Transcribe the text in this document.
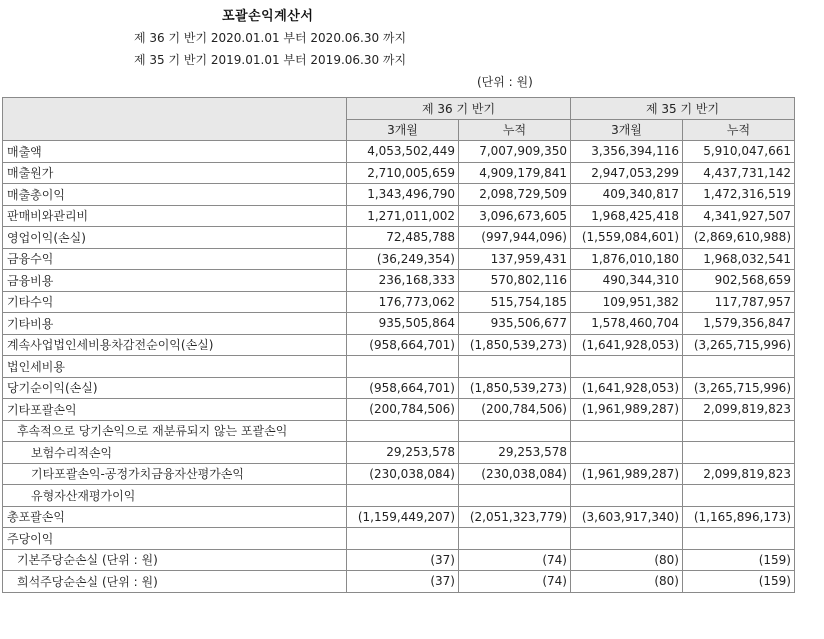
포괄손익계산서
제 36 기 반기 2020.01.01 부터 2020.06.30 까지
제 35 기 반기 2019.01.01 부터 2019.06.30 까지
(단위 : 원)
	제 36 기 반기		제 35 기 반기	
	3개월	누적	3개월	누적
매출액	4,053,502,449	7,007,909,350	3,356,394,116	5,910,047,661
매출원가	2,710,005,659	4,909,179,841	2,947,053,299	4,437,731,142
매출총이익	1,343,496,790	2,098,729,509	409,340,817	1,472,316,519
판매비와관리비	1,271,011,002	3,096,673,605	1,968,425,418	4,341,927,507
영업이익(손실)	72,485,788	(997,944,096)	(1,559,084,601)	(2,869,610,988)
금융수익	(36,249,354)	137,959,431	1,876,010,180	1,968,032,541
금융비용	236,168,333	570,802,116	490,344,310	902,568,659
기타수익	176,773,062	515,754,185	109,951,382	117,787,957
기타비용	935,505,864	935,506,677	1,578,460,704	1,579,356,847
계속사업법인세비용차감전순이익(손실)	(958,664,701)	(1,850,539,273)	(1,641,928,053)	(3,265,715,996)
법인세비용				
당기순이익(손실)	(958,664,701)	(1,850,539,273)	(1,641,928,053)	(3,265,715,996)
기타포괄손익	(200,784,506)	(200,784,506)	(1,961,989,287)	2,099,819,823
후속적으로 당기손익으로 재분류되지 않는 포괄손익				
보험수리적손익	29,253,578	29,253,578		
기타포괄손익-공정가치금융자산평가손익	(230,038,084)	(230,038,084)	(1,961,989,287)	2,099,819,823
유형자산재평가이익				
총포괄손익	(1,159,449,207)	(2,051,323,779)	(3,603,917,340)	(1,165,896,173)
주당이익				
기본주당순손실 (단위 : 원)	(37)	(74)	(80)	(159)
희석주당순손실 (단위 : 원)	(37)	(74)	(80)	(159)
